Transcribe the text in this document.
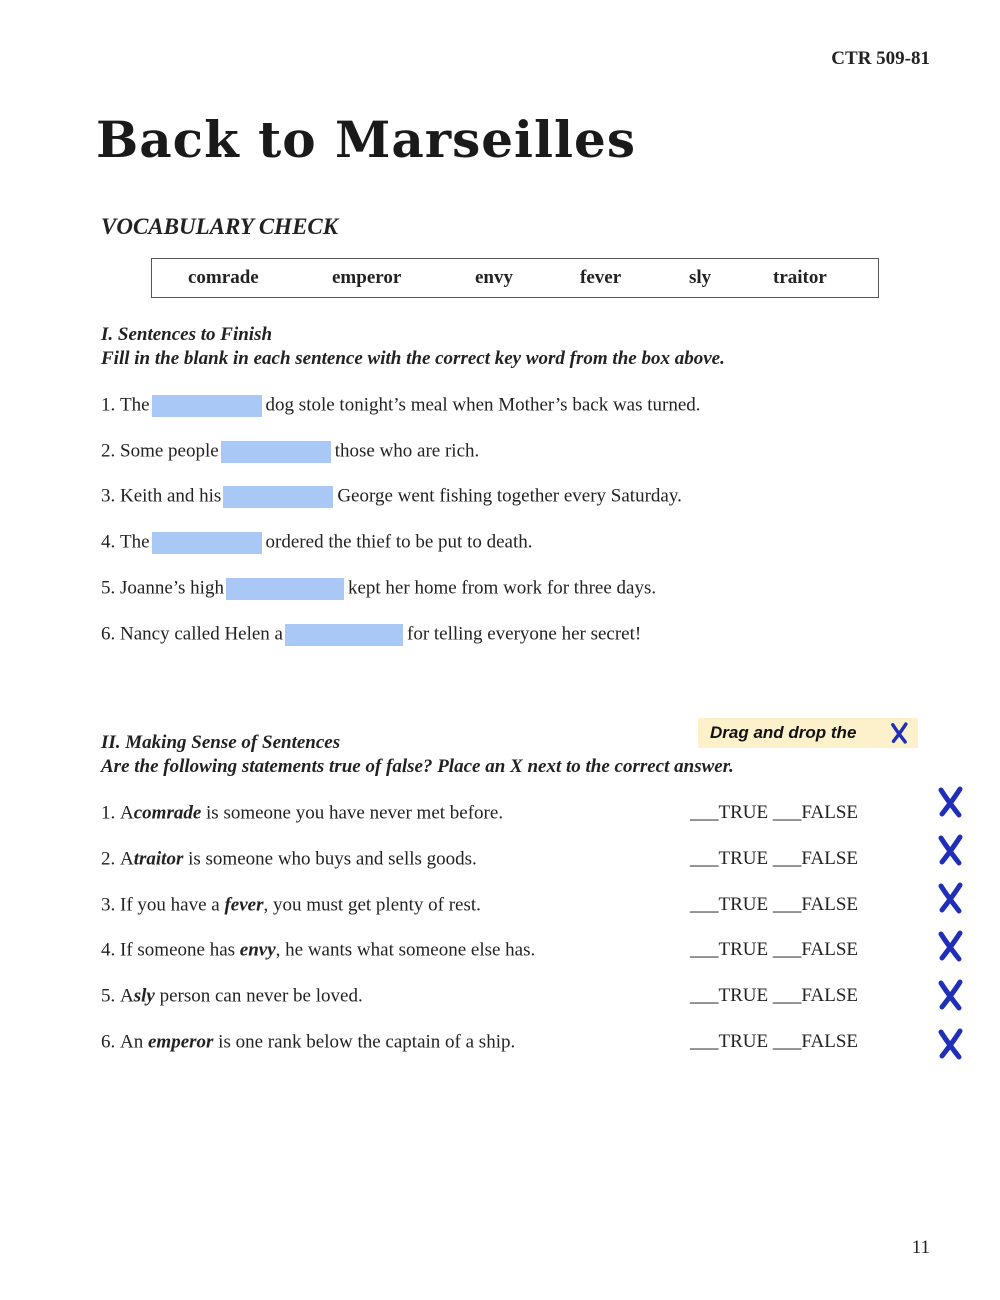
CTR 509-81
Back to Marseilles
VOCABULARY CHECK
comrade	emperor	envy	fever	sly	traitor
I. Sentences to Finish
Fill in the blank in each sentence with the correct key word from the box above.
1. The	dog stole tonight’s meal when Mother’s back was turned.
2. Some people	those who are rich.
3. Keith and his	George went fishing together every Saturday.
4. The	ordered the thief to be put to death.
5. Joanne’s high	kept her home from work for three days.
6. Nancy called Helen a	for telling everyone her secret!
Drag and drop the
II. Making Sense of Sentences
Are the following statements true of false? Place an X next to the correct answer.
1. Acomrade is someone you have never met before.	___TRUE ___FALSE
2. Atraitor is someone who buys and sells goods.	___TRUE ___FALSE
3. If you have a fever, you must get plenty of rest.	___TRUE ___FALSE
4. If someone has envy, he wants what someone else has.	___TRUE ___FALSE
5. Asly person can never be loved.	___TRUE ___FALSE
6. An emperor is one rank below the captain of a ship.	___TRUE ___FALSE
11
